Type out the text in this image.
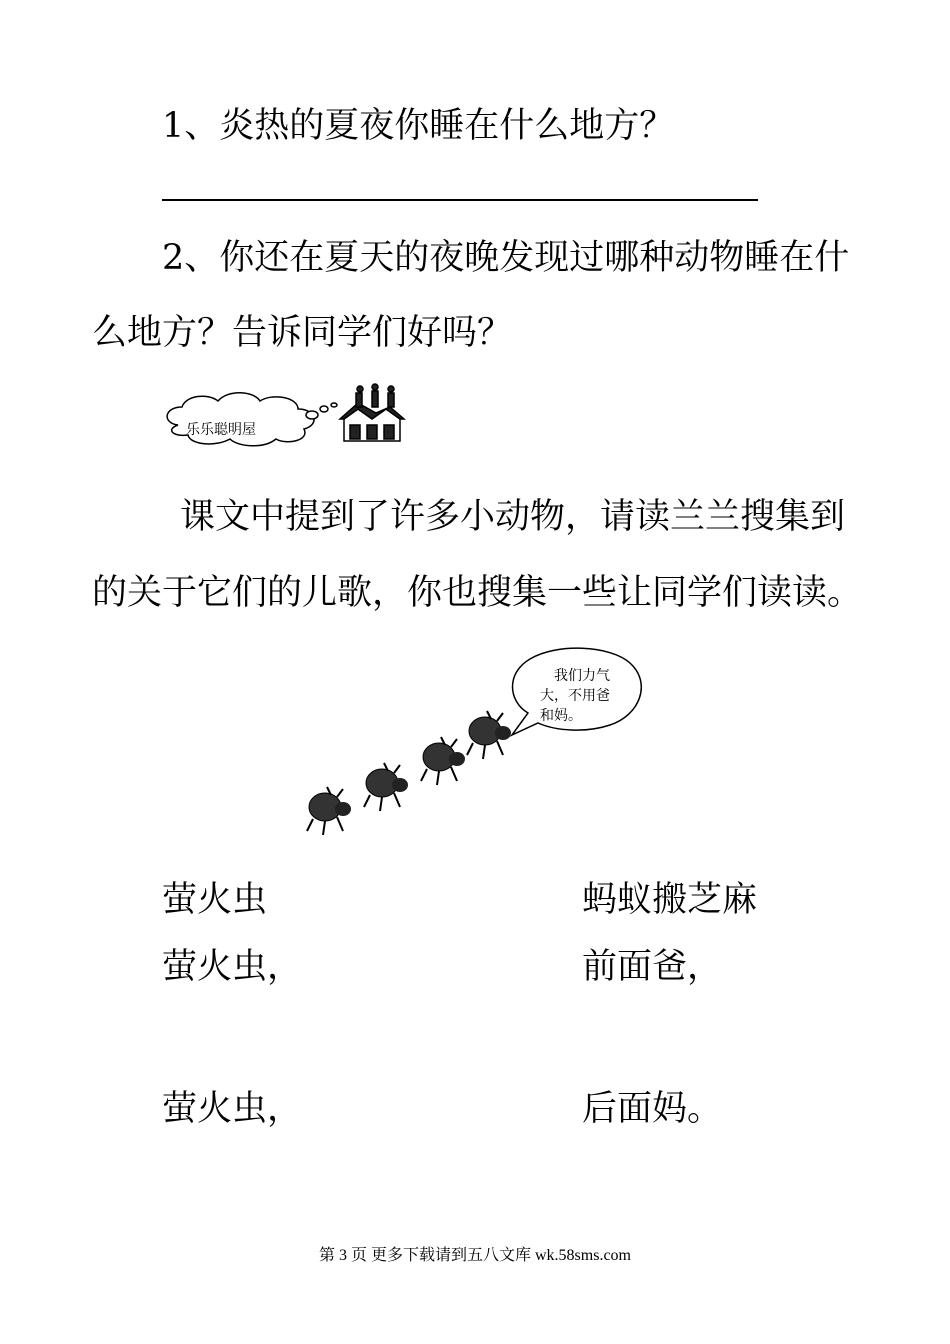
1、炎热的夏夜你睡在什么地方？

2、你还在夏天的夜晚发现过哪种动物睡在什

么地方？告诉同学们好吗？

乐乐聪明屋

课文中提到了许多小动物，请读兰兰搜集到

的关于它们的儿歌，你也搜集一些让同学们读读。

我们力气
大，不用爸
和妈。

萤火虫	蚂蚁搬芝麻

萤火虫，	前面爸，

萤火虫，	后面妈。

第 3 页 更多下载请到五八文库 wk.58sms.com
